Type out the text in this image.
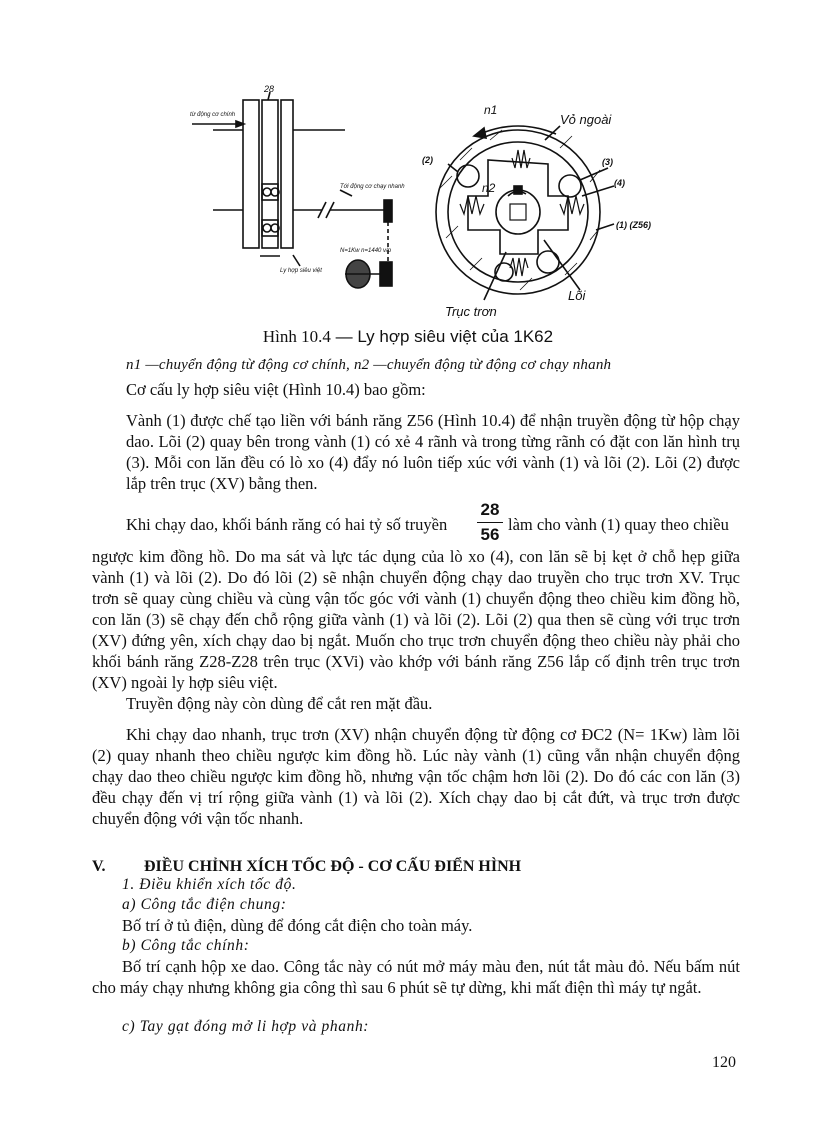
28
từ động cơ chính
Ly hợp siêu việt
Tới động cơ chạy nhanh
N=1Kw n=1440 v/p
n1
n2
Vỏ ngoài
(2)	(3)
(4)
(1) (Z56)
Trục trơn
Lõi
Hình 10.4 — Ly hợp siêu việt của 1K62
n1 —chuyển động từ động cơ chính, n2 —chuyển động từ động cơ chạy nhanh

Cơ cấu ly hợp siêu việt (Hình 10.4) bao gồm:

Vành (1) được chế tạo liền với bánh răng Z56 (Hình 10.4) để nhận truyền động từ hộp chạy dao. Lõi (2) quay bên trong vành (1) có xẻ 4 rãnh và trong từng rãnh có đặt con lăn hình trụ (3). Mỗi con lăn đều có lò xo (4) đẩy nó luôn tiếp xúc với vành (1) và lõi (2). Lõi (2) được lắp trên trục (XV) bằng then.

Khi chạy dao, khối bánh răng có hai tỷ số truyền

28
56

làm cho vành (1) quay theo chiều

ngược kim đồng hồ. Do ma sát và lực tác dụng của lò xo (4), con lăn sẽ bị kẹt ở chỗ hẹp giữa vành (1) và lõi (2). Do đó lõi (2) sẽ nhận chuyển động chạy dao truyền cho trục trơn XV. Trục trơn sẽ quay cùng chiều và cùng vận tốc góc với vành (1) chuyển động theo chiều kim đồng hồ, con lăn (3) sẽ chạy đến chỗ rộng giữa vành (1) và lõi (2). Lõi (2) qua then sẽ cùng với trục trơn (XV) đứng yên, xích chạy dao bị ngắt. Muốn cho trục trơn chuyển động theo chiều này phải cho khối bánh răng Z28-Z28 trên trục (XVi) vào khớp với bánh răng Z56 lắp cố định trên trục trơn (XV) ngoài ly hợp siêu việt.

Truyền động này còn dùng để cắt ren mặt đầu.

Khi chạy dao nhanh, trục trơn (XV) nhận chuyển động từ động cơ ĐC2 (N= 1Kw) làm lõi (2) quay nhanh theo chiều ngược kim đồng hồ. Lúc này vành (1) cũng vẫn nhận chuyển động chạy dao theo chiều ngược kim đồng hồ, nhưng vận tốc chậm hơn lõi (2). Do đó các con lăn (3) đều chạy đến vị trí rộng giữa vành (1) và lõi (2). Xích chạy dao bị cắt đứt, và trục trơn được chuyển động với vận tốc nhanh.

V. ĐIỀU CHỈNH XÍCH TỐC ĐỘ - CƠ CẤU ĐIỂN HÌNH
1. Điều khiển xích tốc độ.
a) Công tắc điện chung:

Bố trí ở tủ điện, dùng để đóng cắt điện cho toàn máy.

b) Công tắc chính:

Bố trí cạnh hộp xe dao. Công tắc này có nút mở máy màu đen, nút tắt màu đỏ. Nếu bấm nút cho máy chạy nhưng không gia công thì sau 6 phút sẽ tự dừng, khi mất điện thì máy tự ngắt.

c) Tay gạt đóng mở li hợp và phanh:
120
